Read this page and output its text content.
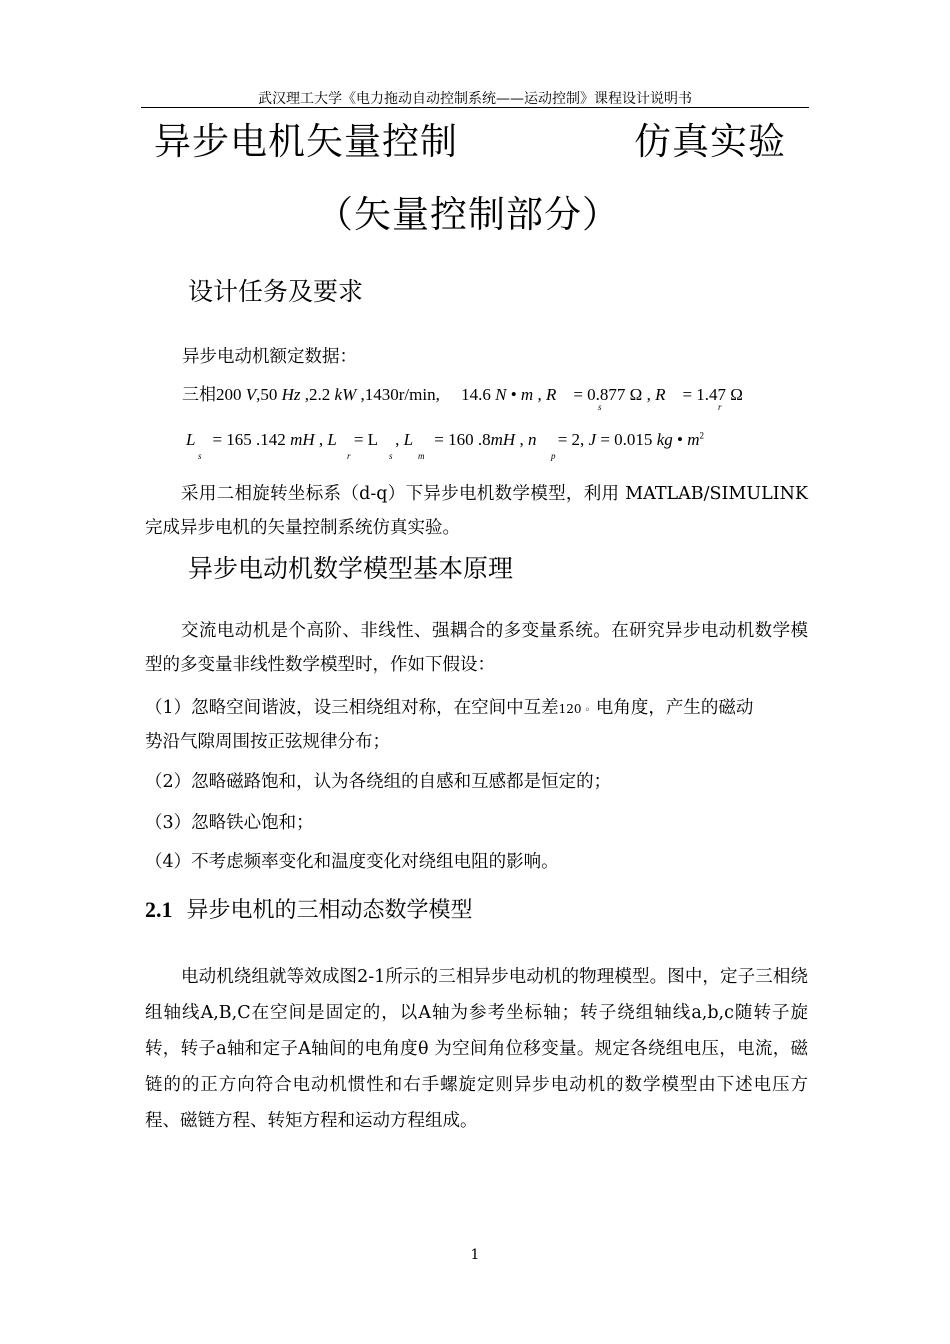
武汉理工大学《电力拖动自动控制系统——运动控制》课程设计说明书
异步电机矢量控制	仿真实验
（矢量控制部分）
设计任务及要求
异步电动机额定数据：
三相200 V,50 Hz ,2.2 kW ,1430r/min, 14.6 N • m , R = 0.877 Ω , R = 1.47 Ω
s	r
L = 165 .142 mH , L = L    , L = 160 .8mH , n = 2, J = 0.015 kg • $m^2$
s	r	s	m	p
采用二相旋转坐标系（d-q）下异步电机数学模型，利用 MATLAB/SIMULINK 完成异步电机的矢量控制系统仿真实验。
异步电动机数学模型基本原理
交流电动机是个高阶、非线性、强耦合的多变量系统。在研究异步电动机数学模型的多变量非线性数学模型时，作如下假设：
（1）忽略空间谐波，设三相绕组对称，在空间中互差120 ◦ 电角度，产生的磁动
势沿气隙周围按正弦规律分布；
（2）忽略磁路饱和，认为各绕组的自感和互感都是恒定的；
（3）忽略铁心饱和；
（4）不考虑频率变化和温度变化对绕组电阻的影响。
2.1 异步电机的三相动态数学模型
电动机绕组就等效成图2-1所示的三相异步电动机的物理模型。图中，定子三相绕组轴线A,B,C在空间是固定的，以A轴为参考坐标轴；转子绕组轴线a,b,c随转子旋转，转子a轴和定子A轴间的电角度θ 为空间角位移变量。规定各绕组电压，电流，磁链的的正方向符合电动机惯性和右手螺旋定则异步电动机的数学模型由下述电压方程、磁链方程、转矩方程和运动方程组成。
1
